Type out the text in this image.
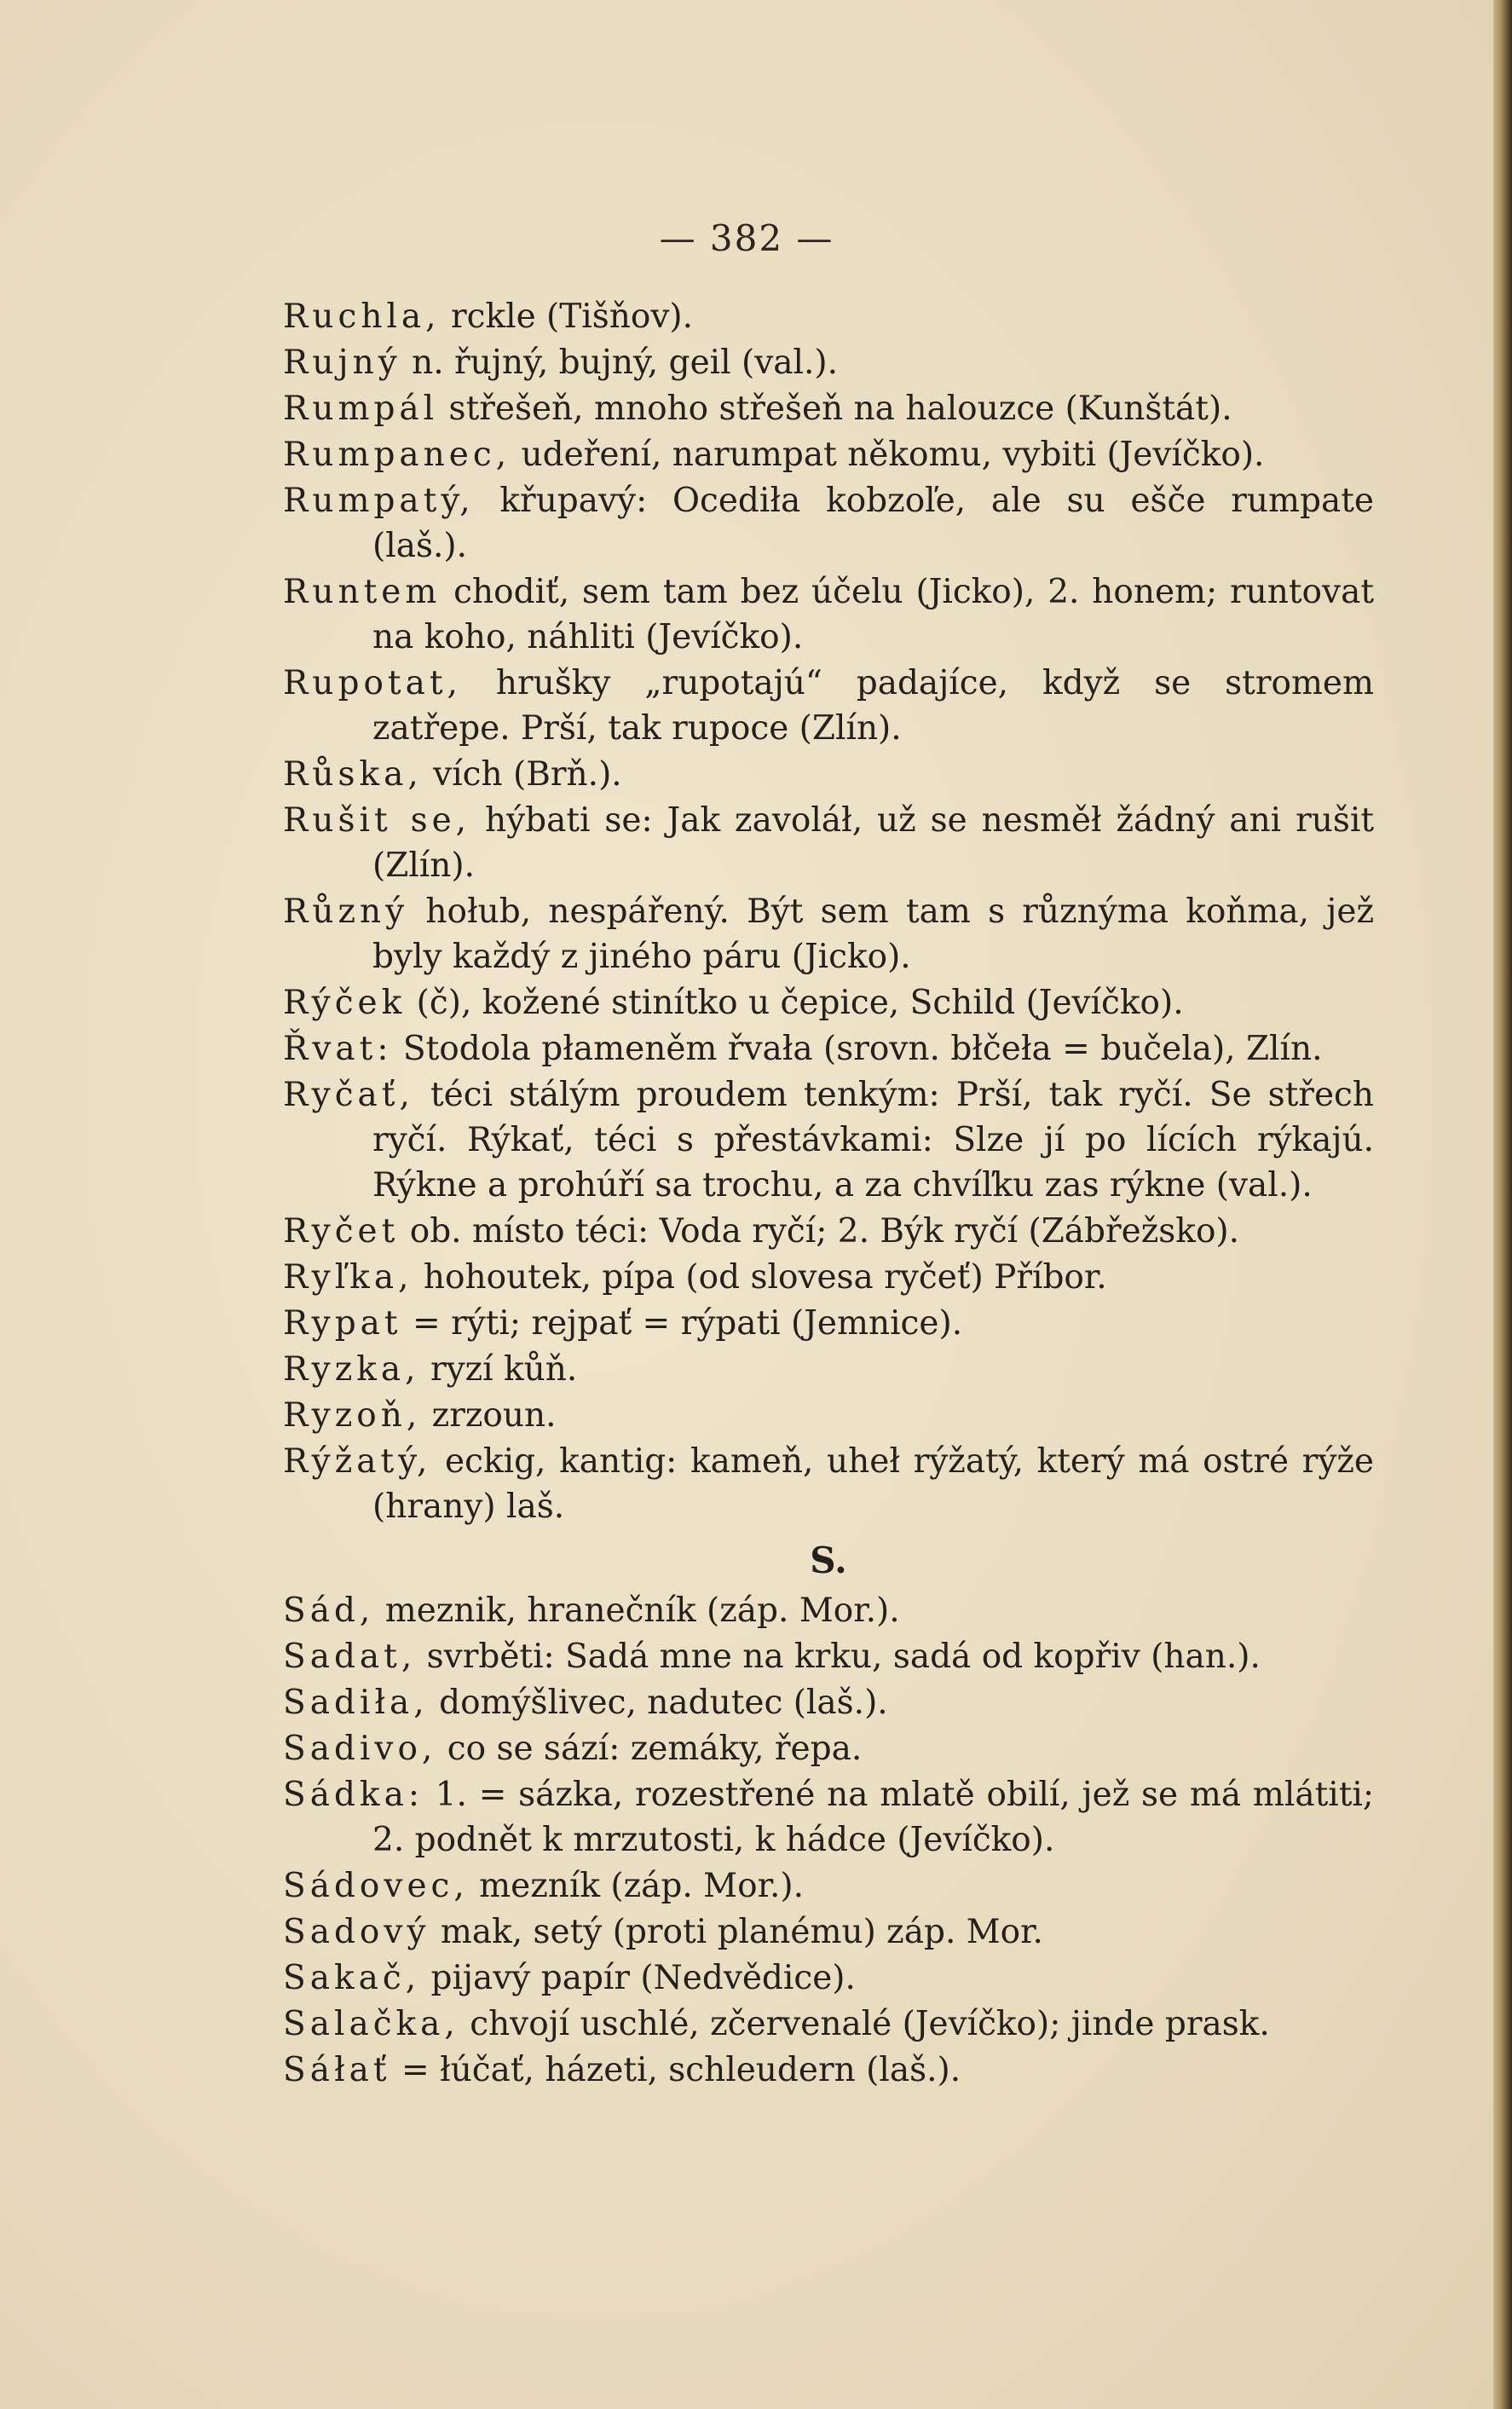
— 382 —

Ruchla, rckle (Tišňov).

Rujný n. řujný, bujný, geil (val.).

Rumpál střešeň, mnoho střešeň na halouzce (Kunštát).

Rumpanec, udeření, narumpat někomu, vybiti (Jevíčko).

Rumpatý, křupavý: Ocediła kobzoľe, ale su ešče rumpate (laš.).

Runtem chodiť, sem tam bez účelu (Jicko), 2. honem; runtovat na koho, náhliti (Jevíčko).

Rupotat, hrušky „rupotajú“ padajíce, když se stromem zatřepe. Prší, tak rupoce (Zlín).

Růska, vích (Brň.).

Rušit se, hýbati se: Jak zavoláł, už se nesměł žádný ani rušit (Zlín).

Různý hołub, nespářený. Být sem tam s různýma koňma, jež byly každý z jiného páru (Jicko).

Rýček (č), kožené stinítko u čepice, Schild (Jevíčko).

Řvat: Stodola płameněm řvała (srovn. błčeła = bučela), Zlín.

Ryčať, téci stálým proudem tenkým: Prší, tak ryčí. Se střech ryčí. Rýkať, téci s přestávkami: Slze jí po lících rýkajú. Rýkne a prohúří sa trochu, a za chvíľku zas rýkne (val.).

Ryčet ob. místo téci: Voda ryčí; 2. Býk ryčí (Zábřežsko).

Ryľka, hohoutek, pípa (od slovesa ryčeť) Příbor.

Rypat = rýti; rejpať = rýpati (Jemnice).

Ryzka, ryzí kůň.

Ryzoň, zrzoun.

Rýžatý, eckig, kantig: kameň, uheł rýžatý, který má ostré rýže (hrany) laš.

S.

Sád, meznik, hranečník (záp. Mor.).

Sadat, svrběti: Sadá mne na krku, sadá od kopřiv (han.).

Sadiła, domýšlivec, nadutec (laš.).

Sadivo, co se sází: zemáky, řepa.

Sádka: 1. = sázka, rozestřené na mlatě obilí, jež se má mlátiti; 2. podnět k mrzutosti, k hádce (Jevíčko).

Sádovec, mezník (záp. Mor.).

Sadový mak, setý (proti planému) záp. Mor.

Sakač, pijavý papír (Nedvědice).

Salačka, chvojí uschlé, zčervenalé (Jevíčko); jinde prask.

Sáłať = łúčať, házeti, schleudern (laš.).
